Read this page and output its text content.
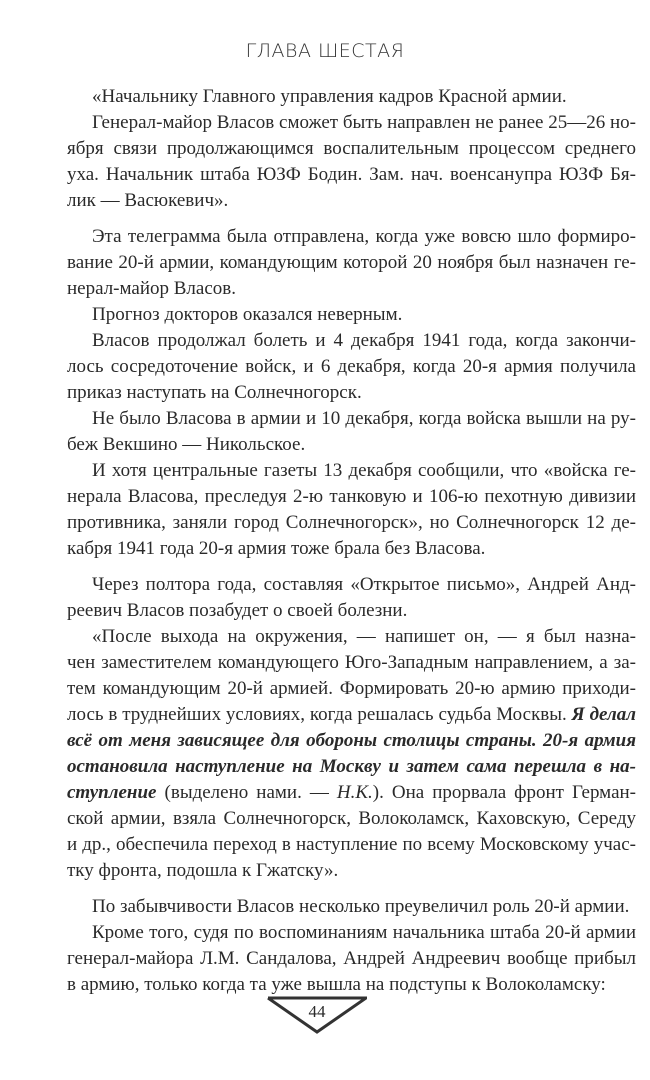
ГЛАВА ШЕСТАЯ
«Начальнику Главного управления кадров Красной армии.
Генерал-майор Власов сможет быть направлен не ранее 25—26 но-
ября связи продолжающимся воспалительным процессом среднего
уха. Начальник штаба ЮЗФ Бодин. Зам. нач. военсанупра ЮЗФ Бя-
лик — Васюкевич».
Эта телеграмма была отправлена, когда уже вовсю шло формиро-
вание 20-й армии, командующим которой 20 ноября был назначен ге-
нерал-майор Власов.
Прогноз докторов оказался неверным.
Власов продолжал болеть и 4 декабря 1941 года, когда закончи-
лось сосредоточение войск, и 6 декабря, когда 20-я армия получила
приказ наступать на Солнечногорск.
Не было Власова в армии и 10 декабря, когда войска вышли на ру-
беж Векшино — Никольское.
И хотя центральные газеты 13 декабря сообщили, что «войска ге-
нерала Власова, преследуя 2-ю танковую и 106-ю пехотную дивизии
противника, заняли город Солнечногорск», но Солнечногорск 12 де-
кабря 1941 года 20-я армия тоже брала без Власова.
Через полтора года, составляя «Открытое письмо», Андрей Анд-
реевич Власов позабудет о своей болезни.
«После выхода на окружения, — напишет он, — я был назна-
чен заместителем командующего Юго-Западным направлением, а за-
тем командующим 20-й армией. Формировать 20-ю армию приходи-
лось в труднейших условиях, когда решалась судьба Москвы. Я делал
всё от меня зависящее для обороны столицы страны. 20-я армия
остановила наступление на Москву и затем сама перешла в на-
ступление (выделено нами. — Н.К.). Она прорвала фронт Герман-
ской армии, взяла Солнечногорск, Волоколамск, Каховскую, Середу
и др., обеспечила переход в наступление по всему Московскому учас-
тку фронта, подошла к Гжатску».
По забывчивости Власов несколько преувеличил роль 20-й армии.
Кроме того, судя по воспоминаниям начальника штаба 20-й армии
генерал-майора Л.М. Сандалова, Андрей Андреевич вообще прибыл
в армию, только когда та уже вышла на подступы к Волоколамску:
44
